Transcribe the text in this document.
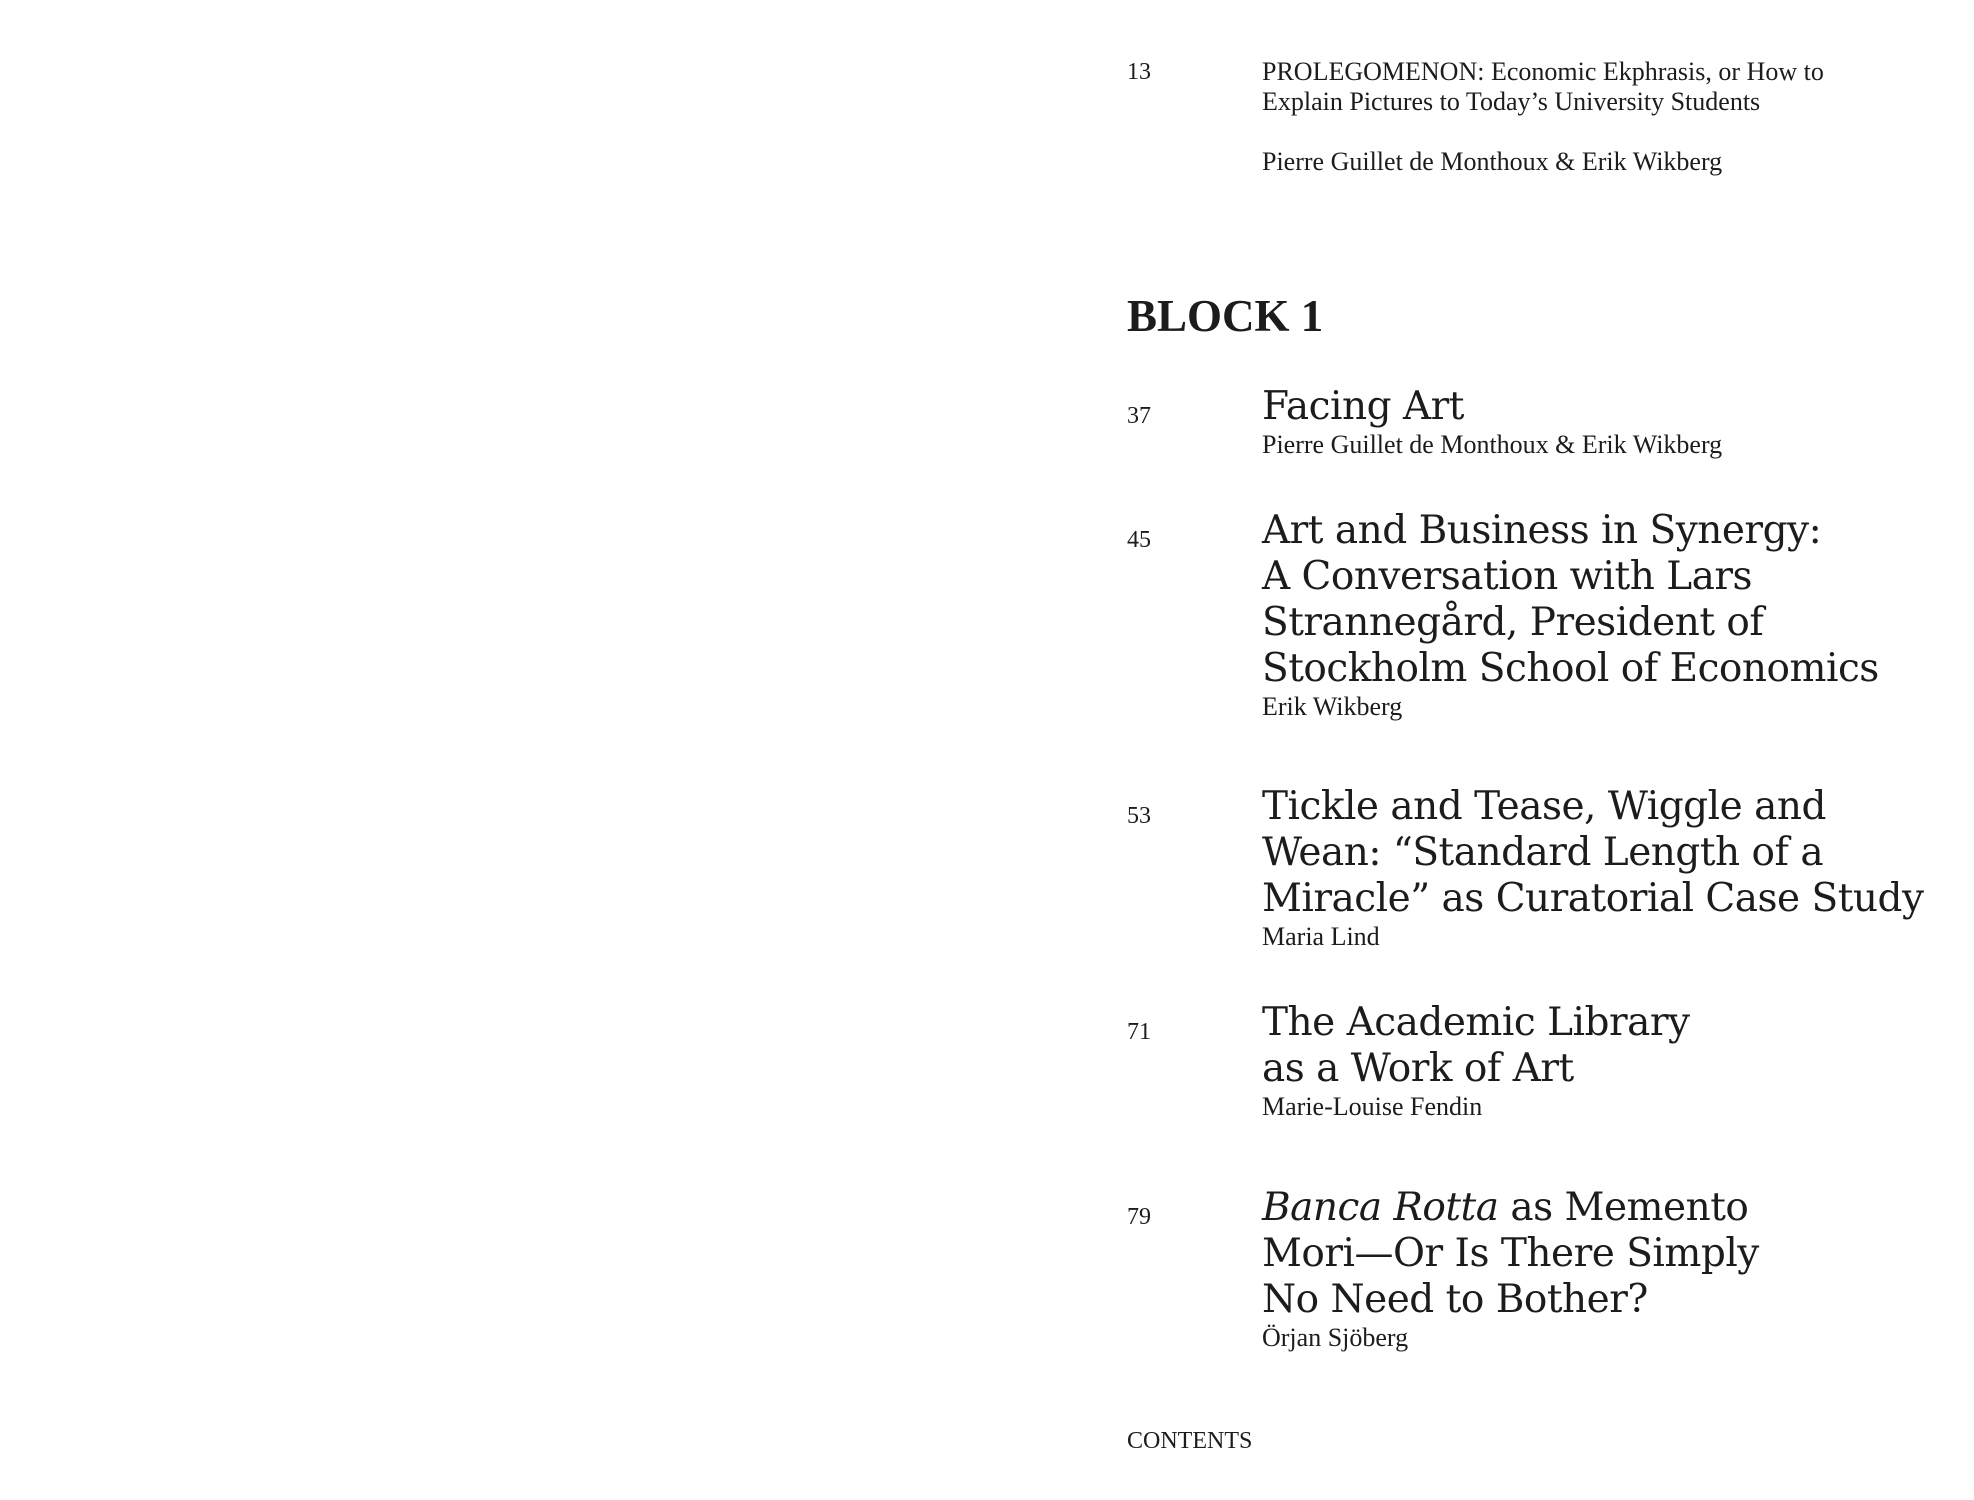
13	PROLEGOMENON: Economic Ekphrasis, or How to

Explain Pictures to Today’s University Students

Pierre Guillet de Monthoux & Erik Wikberg

BLOCK 1
37	Facing Art

Pierre Guillet de Monthoux & Erik Wikberg

45	Art and Business in Synergy:
A Conversation with Lars
Strannegård, President of
Stockholm School of Economics

Erik Wikberg

53	Tickle and Tease, Wiggle and
Wean: “Standard Length of a
Miracle” as Curatorial Case Study

Maria Lind

71	The Academic Library
as a Work of Art

Marie-Louise Fendin

79	Banca Rotta as Memento
Mori—Or Is There Simply
No Need to Bother?

Örjan Sjöberg

CONTENTS
